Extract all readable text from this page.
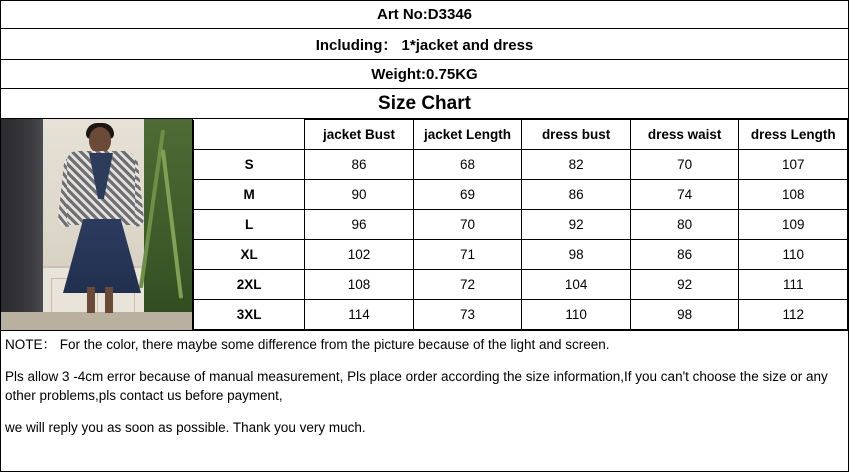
Art No:D3346
Including： 1*jacket and dress
Weight:0.75KG
Size Chart
	jacket Bust	jacket Length	dress bust	dress waist	dress Length
S	86	68	82	70	107
M	90	69	86	74	108
L	96	70	92	80	109
XL	102	71	98	86	110
2XL	108	72	104	92	111
3XL	114	73	110	98	112

NOTE： For the color, there maybe some difference from the picture because of the light and screen.

Pls allow 3 -4cm error because of manual measurement, Pls place order according the size information,If you can't choose the size or any other problems,pls contact us before payment,

we will reply you as soon as possible. Thank you very much.
